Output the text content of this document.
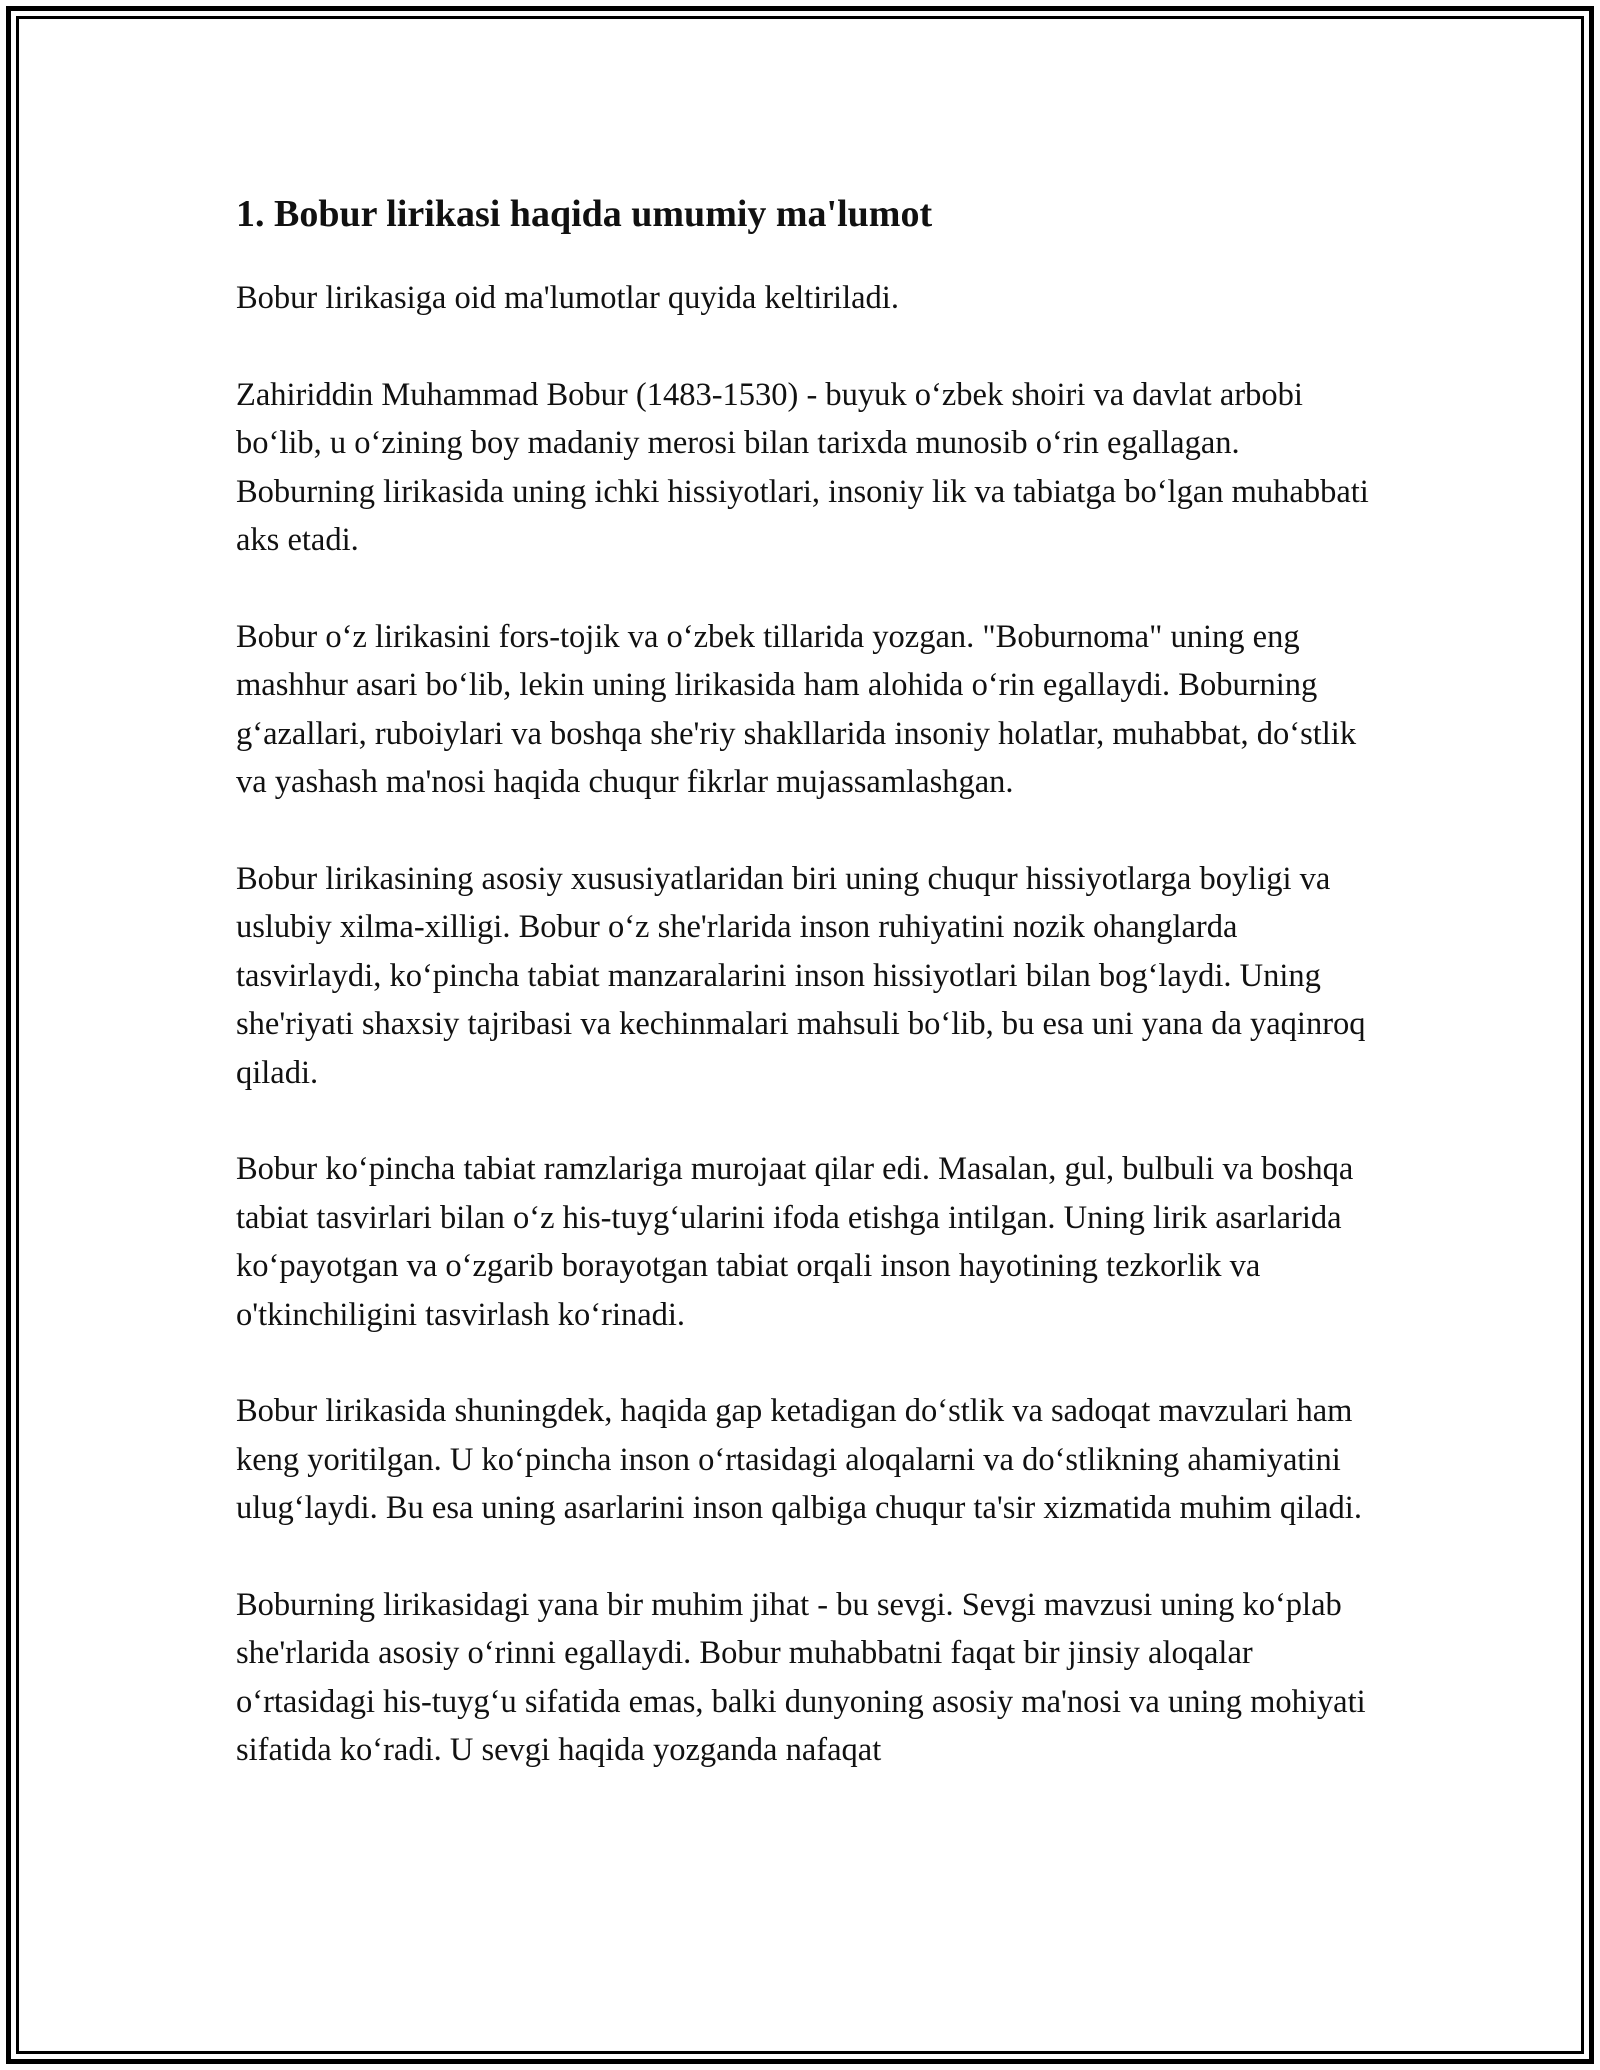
1. Bobur lirikasi haqida umumiy ma'lumot

Bobur lirikasiga oid ma'lumotlar quyida keltiriladi.

Zahiriddin Muhammad Bobur (1483-1530) - buyuk o‘zbek shoiri va davlat arbobi bo‘lib, u o‘zining boy madaniy merosi bilan tarixda munosib o‘rin egallagan. Boburning lirikasida uning ichki hissiyotlari, insoniy lik va tabiatga bo‘lgan muhabbati aks etadi.

Bobur o‘z lirikasini fors-tojik va o‘zbek tillarida yozgan. "Boburnoma" uning eng mashhur asari bo‘lib, lekin uning lirikasida ham alohida o‘rin egallaydi. Boburning g‘azallari, ruboiylari va boshqa she'riy shakllarida insoniy holatlar, muhabbat, do‘stlik va yashash ma'nosi haqida chuqur fikrlar mujassamlashgan.

Bobur lirikasining asosiy xususiyatlaridan biri uning chuqur hissiyotlarga boyligi va uslubiy xilma-xilligi. Bobur o‘z she'rlarida inson ruhiyatini nozik ohanglarda tasvirlaydi, ko‘pincha tabiat manzaralarini inson hissiyotlari bilan bog‘laydi. Uning she'riyati shaxsiy tajribasi va kechinmalari mahsuli bo‘lib, bu esa uni yana da yaqinroq qiladi.

Bobur ko‘pincha tabiat ramzlariga murojaat qilar edi. Masalan, gul, bulbuli va boshqa tabiat tasvirlari bilan o‘z his-tuyg‘ularini ifoda etishga intilgan. Uning lirik asarlarida ko‘payotgan va o‘zgarib borayotgan tabiat orqali inson hayotining tezkorlik va o'tkinchiligini tasvirlash ko‘rinadi.

Bobur lirikasida shuningdek, haqida gap ketadigan do‘stlik va sadoqat mavzulari ham keng yoritilgan. U ko‘pincha inson o‘rtasidagi aloqalarni va do‘stlikning ahamiyatini ulug‘laydi. Bu esa uning asarlarini inson qalbiga chuqur ta'sir xizmatida muhim qiladi.

Boburning lirikasidagi yana bir muhim jihat - bu sevgi. Sevgi mavzusi uning ko‘plab she'rlarida asosiy o‘rinni egallaydi. Bobur muhabbatni faqat bir jinsiy aloqalar o‘rtasidagi his-tuyg‘u sifatida emas, balki dunyoning asosiy ma'nosi va uning mohiyati sifatida ko‘radi. U sevgi haqida yozganda nafaqat
